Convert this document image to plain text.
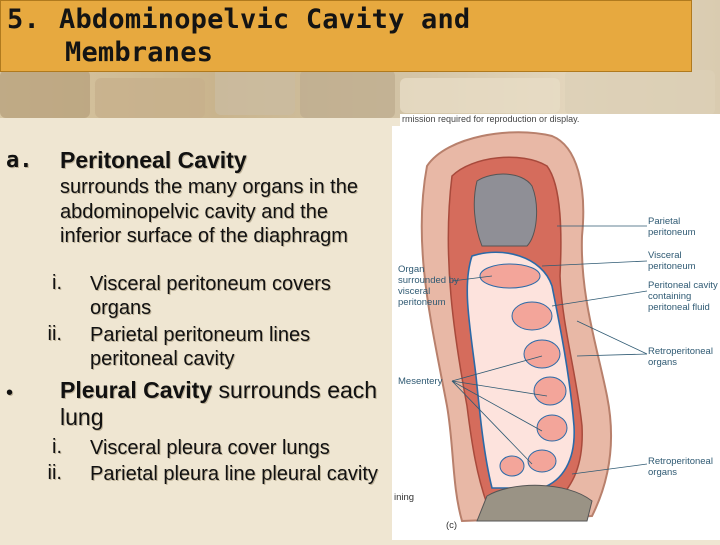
5. Abdominopelvic Cavity and
Membranes
rmission required for reproduction or display.
a. Peritoneal Cavity
surrounds the many organs in the abdominopelvic cavity and the inferior surface of the diaphragm
i. Visceral peritoneum covers organs
ii. Parietal peritoneum lines peritoneal cavity
• Pleural Cavity surrounds each lung
i. Visceral pleura cover lungs
ii. Parietal pleura line pleural cavity
Parietal peritoneum
Visceral peritoneum
Organ surrounded by visceral peritoneum
Peritoneal cavity containing peritoneal fluid
Retroperitoneal organs
Mesentery
Retroperitoneal organs
(c)
ining
